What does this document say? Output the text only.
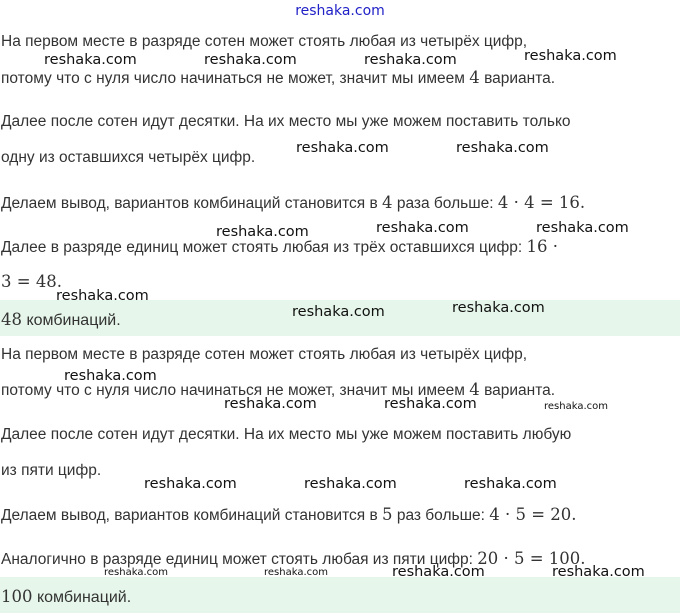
reshaka.com
На первом месте в разряде сотен может стоять любая из четырёх цифр,
потому что с нуля число начинаться не может, значит мы имеем 4 варианта.
Далее после сотен идут десятки. На их место мы уже можем поставить только
одну из оставшихся четырёх цифр.
Делаем вывод, вариантов комбинаций становится в 4 раза больше: 4 · 4 = 16.
Далее в разряде единиц может стоять любая из трёх оставшихся цифр: 16 ·
3 = 48.
48 комбинаций.
На первом месте в разряде сотен может стоять любая из четырёх цифр,
потому что с нуля число начинаться не может, значит мы имеем 4 варианта.
Далее после сотен идут десятки. На их место мы уже можем поставить любую
из пяти цифр.
Делаем вывод, вариантов комбинаций становится в 5 раз больше: 4 · 5 = 20.
Аналогично в разряде единиц может стоять любая из пяти цифр: 20 · 5 = 100.
100 комбинаций.
reshaka.com	reshaka.com	reshaka.com	reshaka.com
reshaka.com	reshaka.com
reshaka.com	reshaka.com	reshaka.com
reshaka.com
reshaka.com	reshaka.com
reshaka.com
reshaka.com	reshaka.com	reshaka.com
reshaka.com	reshaka.com	reshaka.com
reshaka.com	reshaka.com	reshaka.com	reshaka.com
